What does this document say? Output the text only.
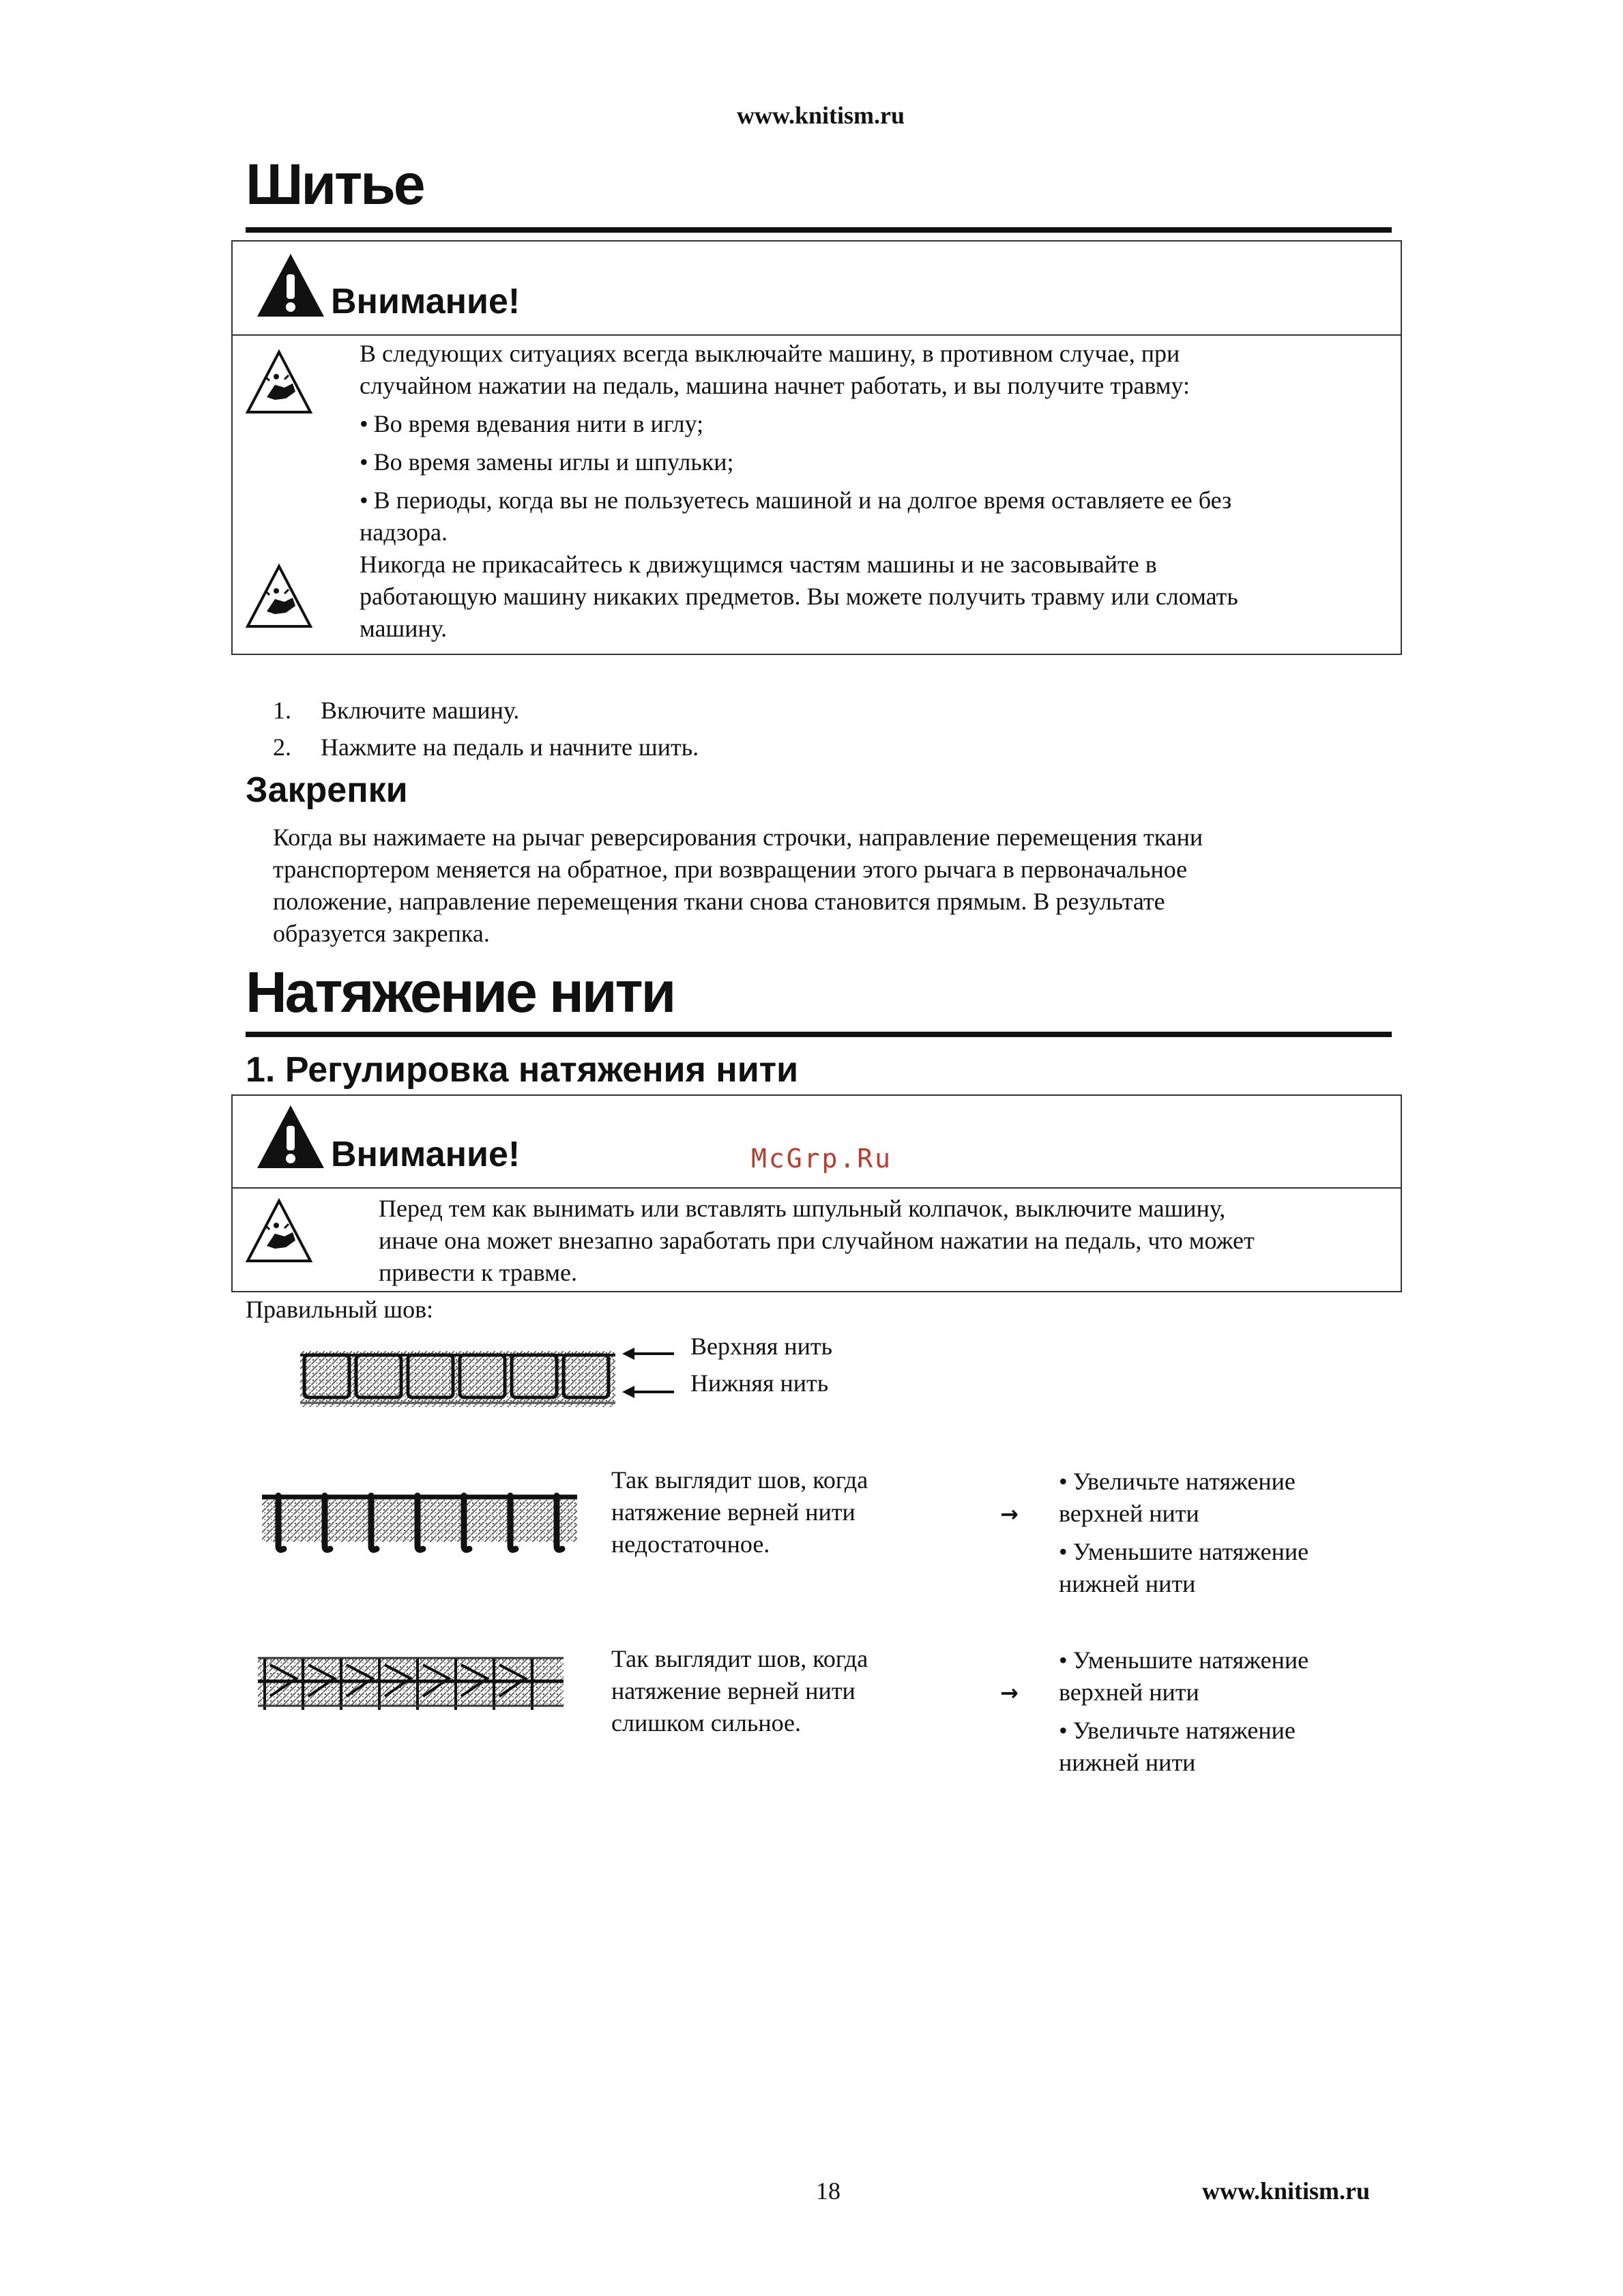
www.knitism.ru
Шитье
Внимание!
В следующих ситуациях всегда выключайте машину, в противном случае, при
случайном нажатии на педаль, машина начнет работать, и вы получите травму:
• Во время вдевания нити в иглу;
• Во время замены иглы и шпульки;
• В периоды, когда вы не пользуетесь машиной и на долгое время оставляете ее без
надзора.
Никогда не прикасайтесь к движущимся частям машины и не засовывайте в
работающую машину никаких предметов. Вы можете получить травму или сломать
машину.
1. Включите машину.
2. Нажмите на педаль и начните шить.
Закрепки
Когда вы нажимаете на рычаг реверсирования строчки, направление перемещения ткани
транспортером меняется на обратное, при возвращении этого рычага в первоначальное
положение, направление перемещения ткани снова становится прямым. В результате
образуется закрепка.
Натяжение нити
1. Регулировка натяжения нити
Внимание!	McGrp.Ru
Перед тем как вынимать или вставлять шпульный колпачок, выключите машину,
иначе она может внезапно заработать при случайном нажатии на педаль, что может
привести к травме.
Правильный шов:
Верхняя нить
Нижняя нить
Так выглядит шов, когда
натяжение верней нити
недостаточное.
→
• Увеличьте натяжение
верхней нити
• Уменьшите натяжение
нижней нити
Так выглядит шов, когда
натяжение верней нити
слишком сильное.
→
• Уменьшите натяжение
верхней нити
• Увеличьте натяжение
нижней нити
18	www.knitism.ru
